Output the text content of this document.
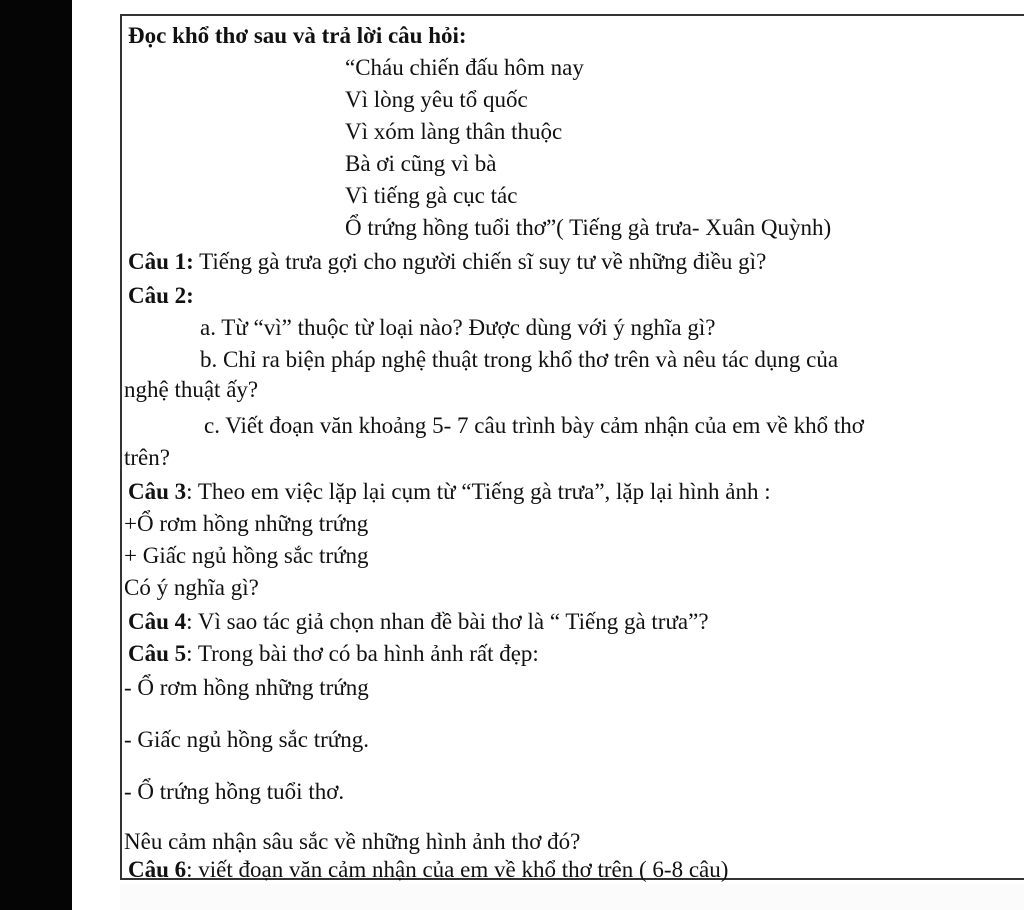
Đọc khổ thơ sau và trả lời câu hỏi:
“Cháu chiến đấu hôm nay
Vì lòng yêu tổ quốc
Vì xóm làng thân thuộc
Bà ơi cũng vì bà
Vì tiếng gà cục tác
Ổ trứng hồng tuổi thơ”( Tiếng gà trưa- Xuân Quỳnh)
Câu 1: Tiếng gà trưa gợi cho người chiến sĩ suy tư về những điều gì?
Câu 2:
a. Từ “vì” thuộc từ loại nào? Được dùng với ý nghĩa gì?
b. Chỉ ra biện pháp nghệ thuật trong khổ thơ trên và nêu tác dụng của
nghệ thuật ấy?
c. Viết đoạn văn khoảng 5- 7 câu trình bày cảm nhận của em về khổ thơ
trên?
Câu 3: Theo em việc lặp lại cụm từ “Tiếng gà trưa”, lặp lại hình ảnh :
+Ổ rơm hồng những trứng
+ Giấc ngủ hồng sắc trứng
Có ý nghĩa gì?
Câu 4: Vì sao tác giả chọn nhan đề bài thơ là “ Tiếng gà trưa”?
Câu 5: Trong bài thơ có ba hình ảnh rất đẹp:
- Ổ rơm hồng những trứng
- Giấc ngủ hồng sắc trứng.
- Ổ trứng hồng tuổi thơ.
Nêu cảm nhận sâu sắc về những hình ảnh thơ đó?
Câu 6: viết đoạn văn cảm nhận của em về khổ thơ trên ( 6-8 câu)
